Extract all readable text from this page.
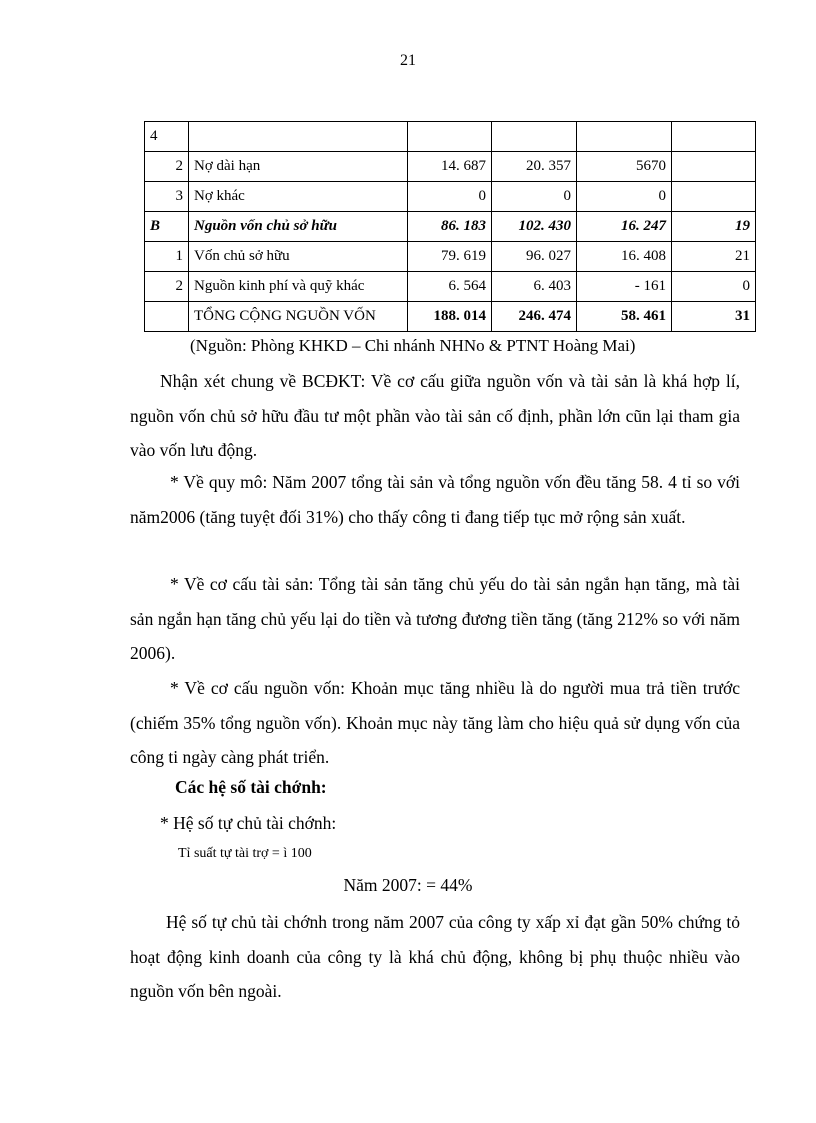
21
4					
2	Nợ dài hạn	14. 687	20. 357	5670	
3	Nợ khác	0	0	0	
B	Nguồn vốn chủ sở hữu	86. 183	102. 430	16. 247	19
1	Vốn chủ sở hữu	79. 619	96. 027	16. 408	21
2	Nguồn kinh phí và quỹ khác	6. 564	6. 403	- 161	0
	TỔNG CỘNG NGUỒN VỐN	188. 014	246. 474	58. 461	31
(Nguồn: Phòng KHKD – Chi nhánh NHNo & PTNT Hoàng Mai)

Nhận xét chung về BCĐKT: Về cơ cấu giữa nguồn vốn và tài sản là khá hợp lí, nguồn vốn chủ sở hữu đầu tư một phần vào tài sản cố định, phần lớn cũn lại tham gia vào vốn lưu động.

* Về quy mô: Năm 2007 tổng tài sản và tổng nguồn vốn đều tăng 58. 4 tỉ so với năm2006 (tăng tuyệt đối 31%) cho thấy công ti đang tiếp tục mở rộng sản xuất.

* Về cơ cấu tài sản: Tổng tài sản tăng chủ yếu do tài sản ngắn hạn tăng, mà tài sản ngắn hạn tăng chủ yếu lại do tiền và tương đương tiền tăng (tăng 212% so với năm 2006).

* Về cơ cấu nguồn vốn: Khoản mục tăng nhiều là do người mua trả tiền trước (chiếm 35% tổng nguồn vốn). Khoản mục này tăng làm cho hiệu quả sử dụng vốn của công ti ngày càng phát triển.

Các hệ số tài chớnh:
* Hệ số tự chủ tài chớnh:
Tỉ suất tự tài trợ = ì 100
Năm 2007: = 44%

Hệ số tự chủ tài chớnh trong năm 2007 của công ty xấp xỉ đạt gần 50% chứng tỏ hoạt động kinh doanh của công ty là khá chủ động, không bị phụ thuộc nhiều vào nguồn vốn bên ngoài.
